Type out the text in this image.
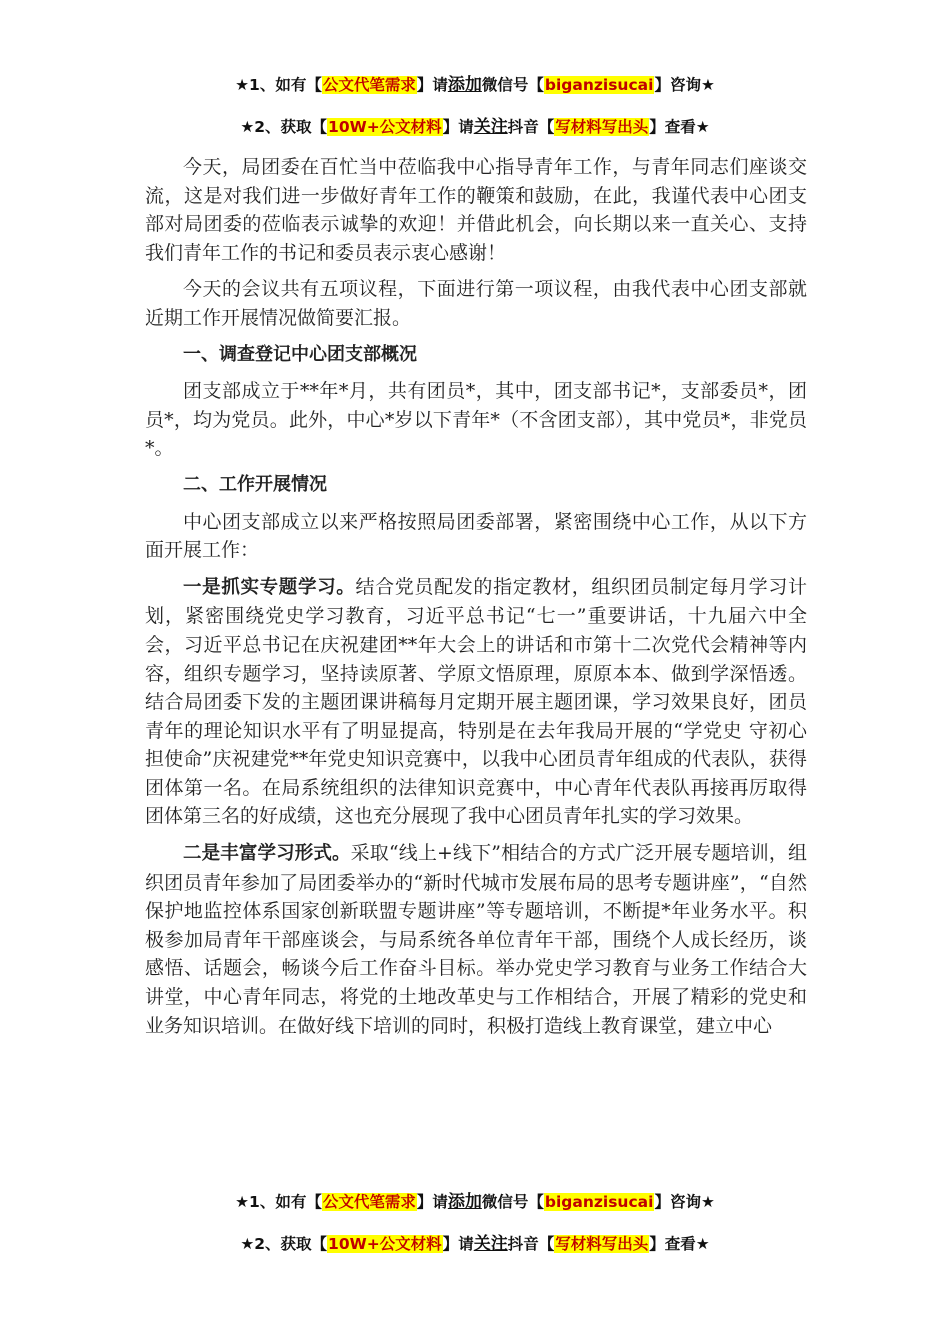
★1、如有【公文代笔需求】请添加微信号【biganzisucai】咨询★
★2、获取【10W+公文材料】请关注抖音【写材料写出头】查看★

今天，局团委在百忙当中莅临我中心指导青年工作，与青年同志们座谈交流，这是对我们进一步做好青年工作的鞭策和鼓励，在此，我谨代表中心团支部对局团委的莅临表示诚挚的欢迎！并借此机会，向长期以来一直关心、支持我们青年工作的书记和委员表示衷心感谢！

今天的会议共有五项议程，下面进行第一项议程，由我代表中心团支部就近期工作开展情况做简要汇报。

一、调查登记中心团支部概况

团支部成立于**年*月，共有团员*，其中，团支部书记*，支部委员*，团员*，均为党员。此外，中心*岁以下青年*（不含团支部），其中党员*，非党员*。

二、工作开展情况

中心团支部成立以来严格按照局团委部署，紧密围绕中心工作，从以下方面开展工作：

一是抓实专题学习。结合党员配发的指定教材，组织团员制定每月学习计划，紧密围绕党史学习教育，习近平总书记“七一”重要讲话，十九届六中全会，习近平总书记在庆祝建团**年大会上的讲话和市第十二次党代会精神等内容，组织专题学习，坚持读原著、学原文悟原理，原原本本、做到学深悟透。结合局团委下发的主题团课讲稿每月定期开展主题团课，学习效果良好，团员青年的理论知识水平有了明显提高，特别是在去年我局开展的“学党史 守初心 担使命”庆祝建党**年党史知识竞赛中，以我中心团员青年组成的代表队，获得团体第一名。在局系统组织的法律知识竞赛中，中心青年代表队再接再厉取得团体第三名的好成绩，这也充分展现了我中心团员青年扎实的学习效果。

二是丰富学习形式。采取“线上+线下”相结合的方式广泛开展专题培训，组织团员青年参加了局团委举办的“新时代城市发展布局的思考专题讲座”，“自然保护地监控体系国家创新联盟专题讲座”等专题培训，不断提*年业务水平。积极参加局青年干部座谈会，与局系统各单位青年干部，围绕个人成长经历，谈感悟、话题会，畅谈今后工作奋斗目标。举办党史学习教育与业务工作结合大讲堂，中心青年同志，将党的土地改革史与工作相结合，开展了精彩的党史和业务知识培训。在做好线下培训的同时，积极打造线上教育课堂，建立中心

★1、如有【公文代笔需求】请添加微信号【biganzisucai】咨询★
★2、获取【10W+公文材料】请关注抖音【写材料写出头】查看★
